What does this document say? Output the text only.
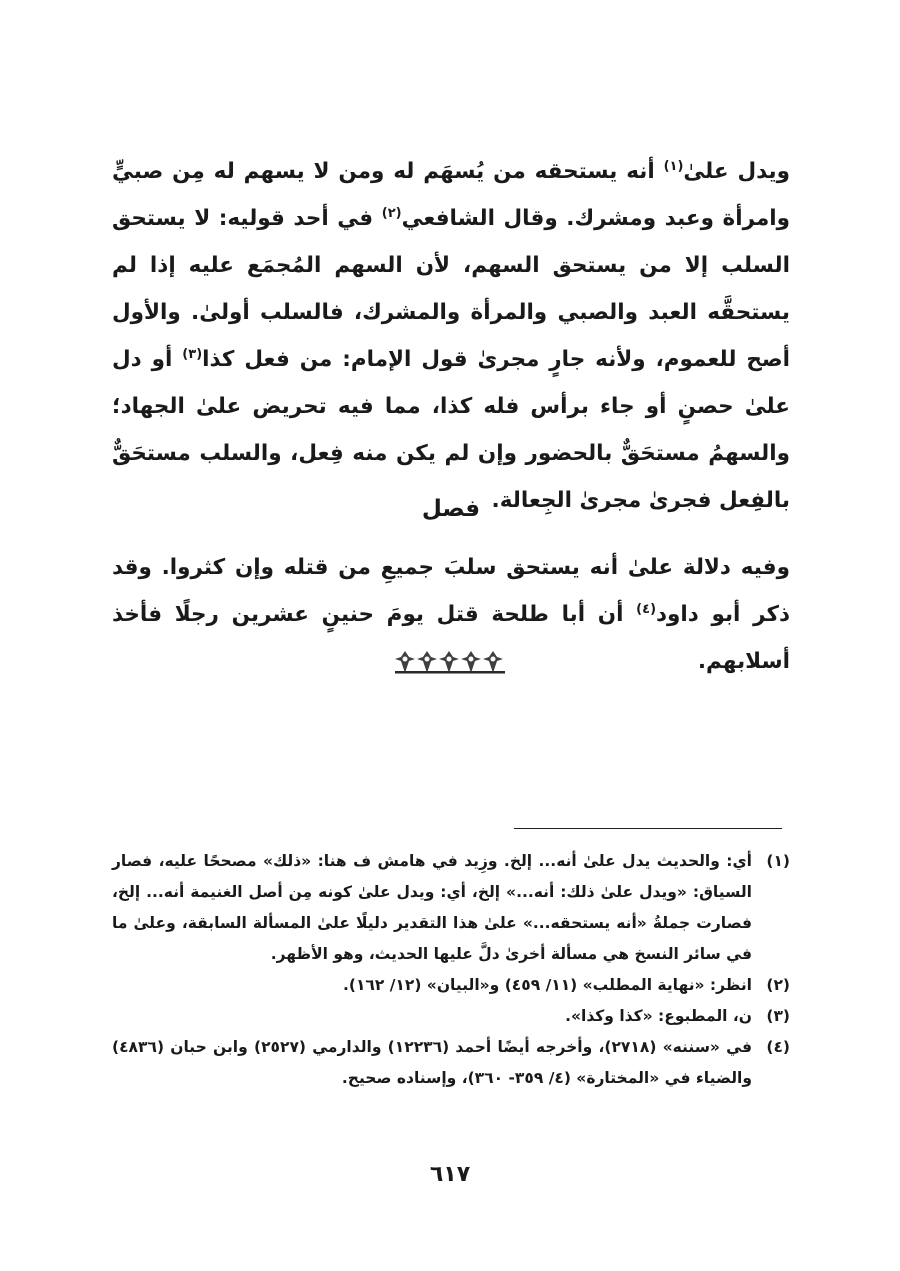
ويدل علىٰ$^{(١)}$ أنه يستحقه من يُسهَم له ومن لا يسهم له مِن صبيٍّ وامرأة وعبد ومشرك. وقال الشافعي$^{(٢)}$ في أحد قوليه: لا يستحق السلب إلا من يستحق السهم، لأن السهم المُجمَع عليه إذا لم يستحقَّه العبد والصبي والمرأة والمشرك، فالسلب أولىٰ. والأول أصح للعموم، ولأنه جارٍ مجرىٰ قول الإمام: من فعل كذا$^{(٣)}$ أو دل علىٰ حصنٍ أو جاء برأس فله كذا، مما فيه تحريض علىٰ الجهاد؛ والسهمُ مستحَقٌّ بالحضور وإن لم يكن منه فِعل، والسلب مستحَقٌّ بالفِعل فجرىٰ مجرىٰ الجِعالة.

فصل

وفيه دلالة علىٰ أنه يستحق سلبَ جميعِ من قتله وإن كثروا. وقد ذكر أبو داود$^{(٤)}$ أن أبا طلحة قتل يومَ حنينٍ عشرين رجلًا فأخذ أسلابهم.

(١)
أي: والحديث يدل علىٰ أنه... إلخ. وزِيد في هامش ف هنا: «ذلك» مصححًا عليه، فصار السياق: «ويدل علىٰ ذلك: أنه...» إلخ، أي: ويدل علىٰ كونه مِن أصل الغنيمة أنه... إلخ، فصارت جملةُ «أنه يستحقه...» علىٰ هذا التقدير دليلًا علىٰ المسألة السابقة، وعلىٰ ما في سائر النسخ هي مسألة أخرىٰ دلَّ عليها الحديث، وهو الأظهر.
(٢)
انظر: «نهاية المطلب» (١١/ ٤٥٩) و«البيان» (١٢/ ١٦٢).
(٣)
ن، المطبوع: «كذا وكذا».
(٤)
في «سننه» (٢٧١٨)، وأخرجه أيضًا أحمد (١٢٢٣٦) والدارمي (٢٥٢٧) وابن حبان (٤٨٣٦) والضياء في «المختارة» (٤/ ٣٥٩- ٣٦٠)، وإسناده صحيح.
٦١٧
